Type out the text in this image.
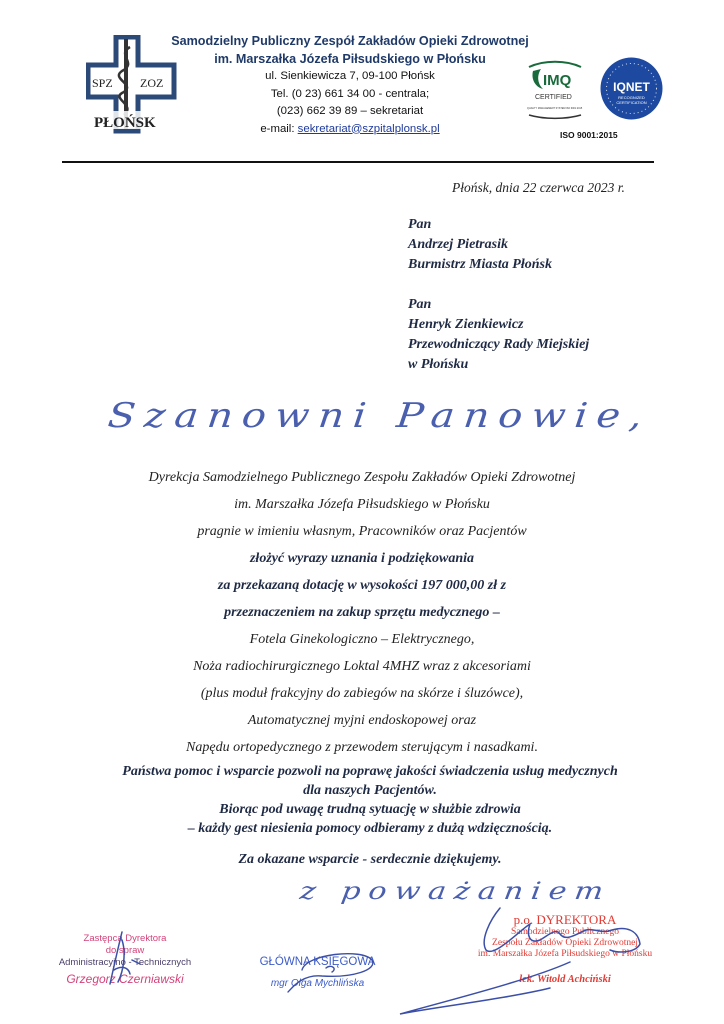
SPZ ZOZ
PŁOŃSK
Samodzielny Publiczny Zespół Zakładów Opieki Zdrowotnej
im. Marszałka Józefa Piłsudskiego w Płońsku
ul. Sienkiewicza 7, 09-100 Płońsk
Tel. (0 23) 661 34 00 - centrala;
(023) 662 39 89 – sekretariat
e-mail: sekretariat@szpitalplonsk.pl
IMQ
CERTIFIED
QUALITY MANAGEMENT SYSTEM ISO 9001:2015
IQNET
RECOGNIZED
CERTIFICATION
ISO 9001:2015
Płońsk, dnia 22 czerwca 2023 r.
Pan
Andrzej Pietrasik
Burmistrz Miasta Płońsk
Pan
Henryk Zienkiewicz
Przewodniczący Rady Miejskiej
w Płońsku
Szanowni Panowie,
Dyrekcja Samodzielnego Publicznego Zespołu Zakładów Opieki Zdrowotnej
im. Marszałka Józefa Piłsudskiego w Płońsku
pragnie w imieniu własnym, Pracowników oraz Pacjentów
złożyć wyrazy uznania i podziękowania
za przekazaną dotację w wysokości 197 000,00 zł z
przeznaczeniem na zakup sprzętu medycznego –
Fotela Ginekologiczno – Elektrycznego,
Noża radiochirurgicznego Loktal 4MHZ wraz z akcesoriami
(plus moduł frakcyjny do zabiegów na skórze i śluzówce),
Automatycznej myjni endoskopowej oraz
Napędu ortopedycznego z przewodem sterującym i nasadkami.
Państwa pomoc i wsparcie pozwoli na poprawę jakości świadczenia usług medycznych
dla naszych Pacjentów.
Biorąc pod uwagę trudną sytuację w służbie zdrowia
– każdy gest niesienia pomocy odbieramy z dużą wdzięcznością.
Za okazane wsparcie - serdecznie dziękujemy.
z poważaniem
Zastępca Dyrektora
do spraw
Administracyjno - Technicznych
Grzegorz Czerniawski
GŁÓWNA KSIĘGOWA
mgr Olga Mychlińska
p.o. DYREKTORA
Samodzielnego Publicznego
Zespołu Zakładów Opieki Zdrowotnej
im. Marszałka Józefa Piłsudskiego w Płońsku
lek. Witold Achciński
